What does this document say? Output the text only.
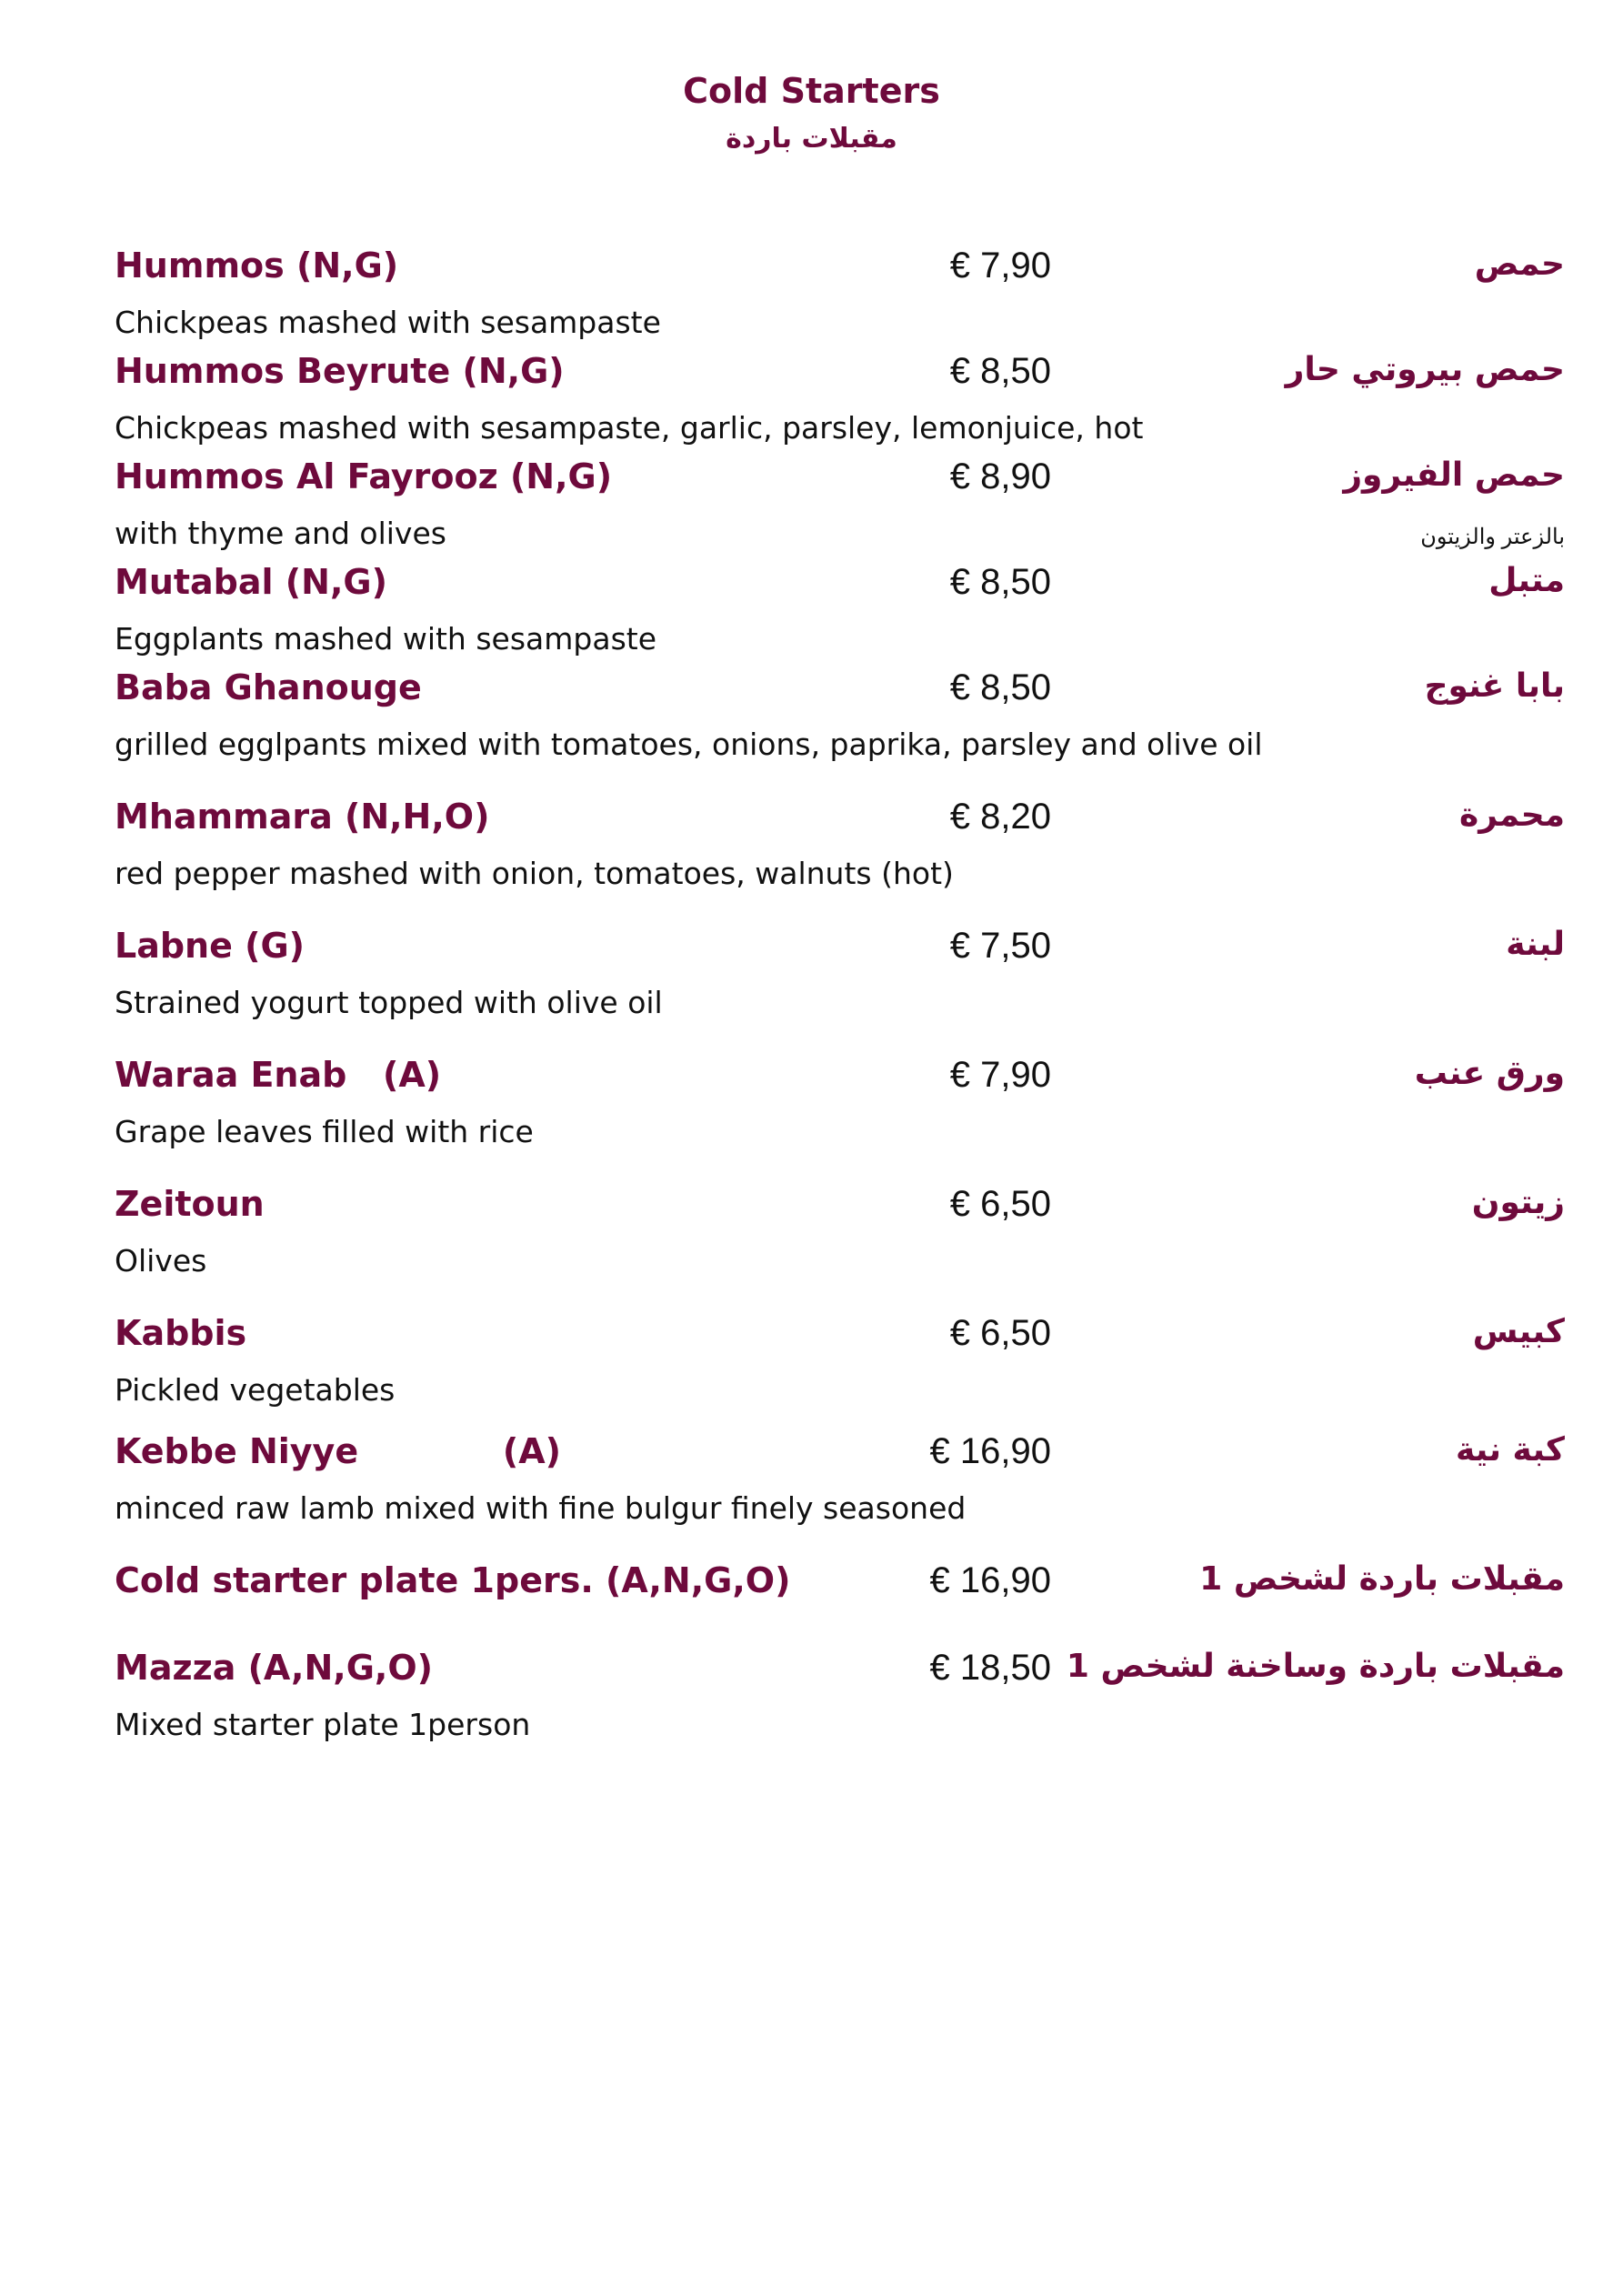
Cold Starters
مقبلات باردة
Hummos (N,G)	€ 7,90	حمص
Chickpeas mashed with sesampaste
Hummos Beyrute (N,G)	€ 8,50	حمص بيروتي حار
Chickpeas mashed with sesampaste, garlic, parsley, lemonjuice, hot
Hummos Al Fayrooz (N,G)	€ 8,90	حمص الفيروز
with thyme and olives	بالزعتر والزيتون
Mutabal (N,G)	€ 8,50	متبل
Eggplants mashed with sesampaste
Baba Ghanouge	€ 8,50	بابا غنوج
grilled egglpants mixed with tomatoes, onions, paprika, parsley and olive oil
Mhammara (N,H,O)	€ 8,20	محمرة
red pepper mashed with onion, tomatoes, walnuts (hot)
Labne (G)	€ 7,50	لبنة
Strained yogurt topped with olive oil
Waraa Enab   (A)	€ 7,90	ورق عنب
Grape leaves filled with rice
Zeitoun	€ 6,50	زيتون
Olives
Kabbis	€ 6,50	كبيس
Pickled vegetables
Kebbe Niyye            (A)	€ 16,90	كبة نية
minced raw lamb mixed with fine bulgur finely seasoned
Cold starter plate 1pers. (A,N,G,O)	€ 16,90	مقبلات باردة لشخص 1
Mazza (A,N,G,O)	€ 18,50 مقبلات باردة وساخنة لشخص 1
Mixed starter plate 1person
